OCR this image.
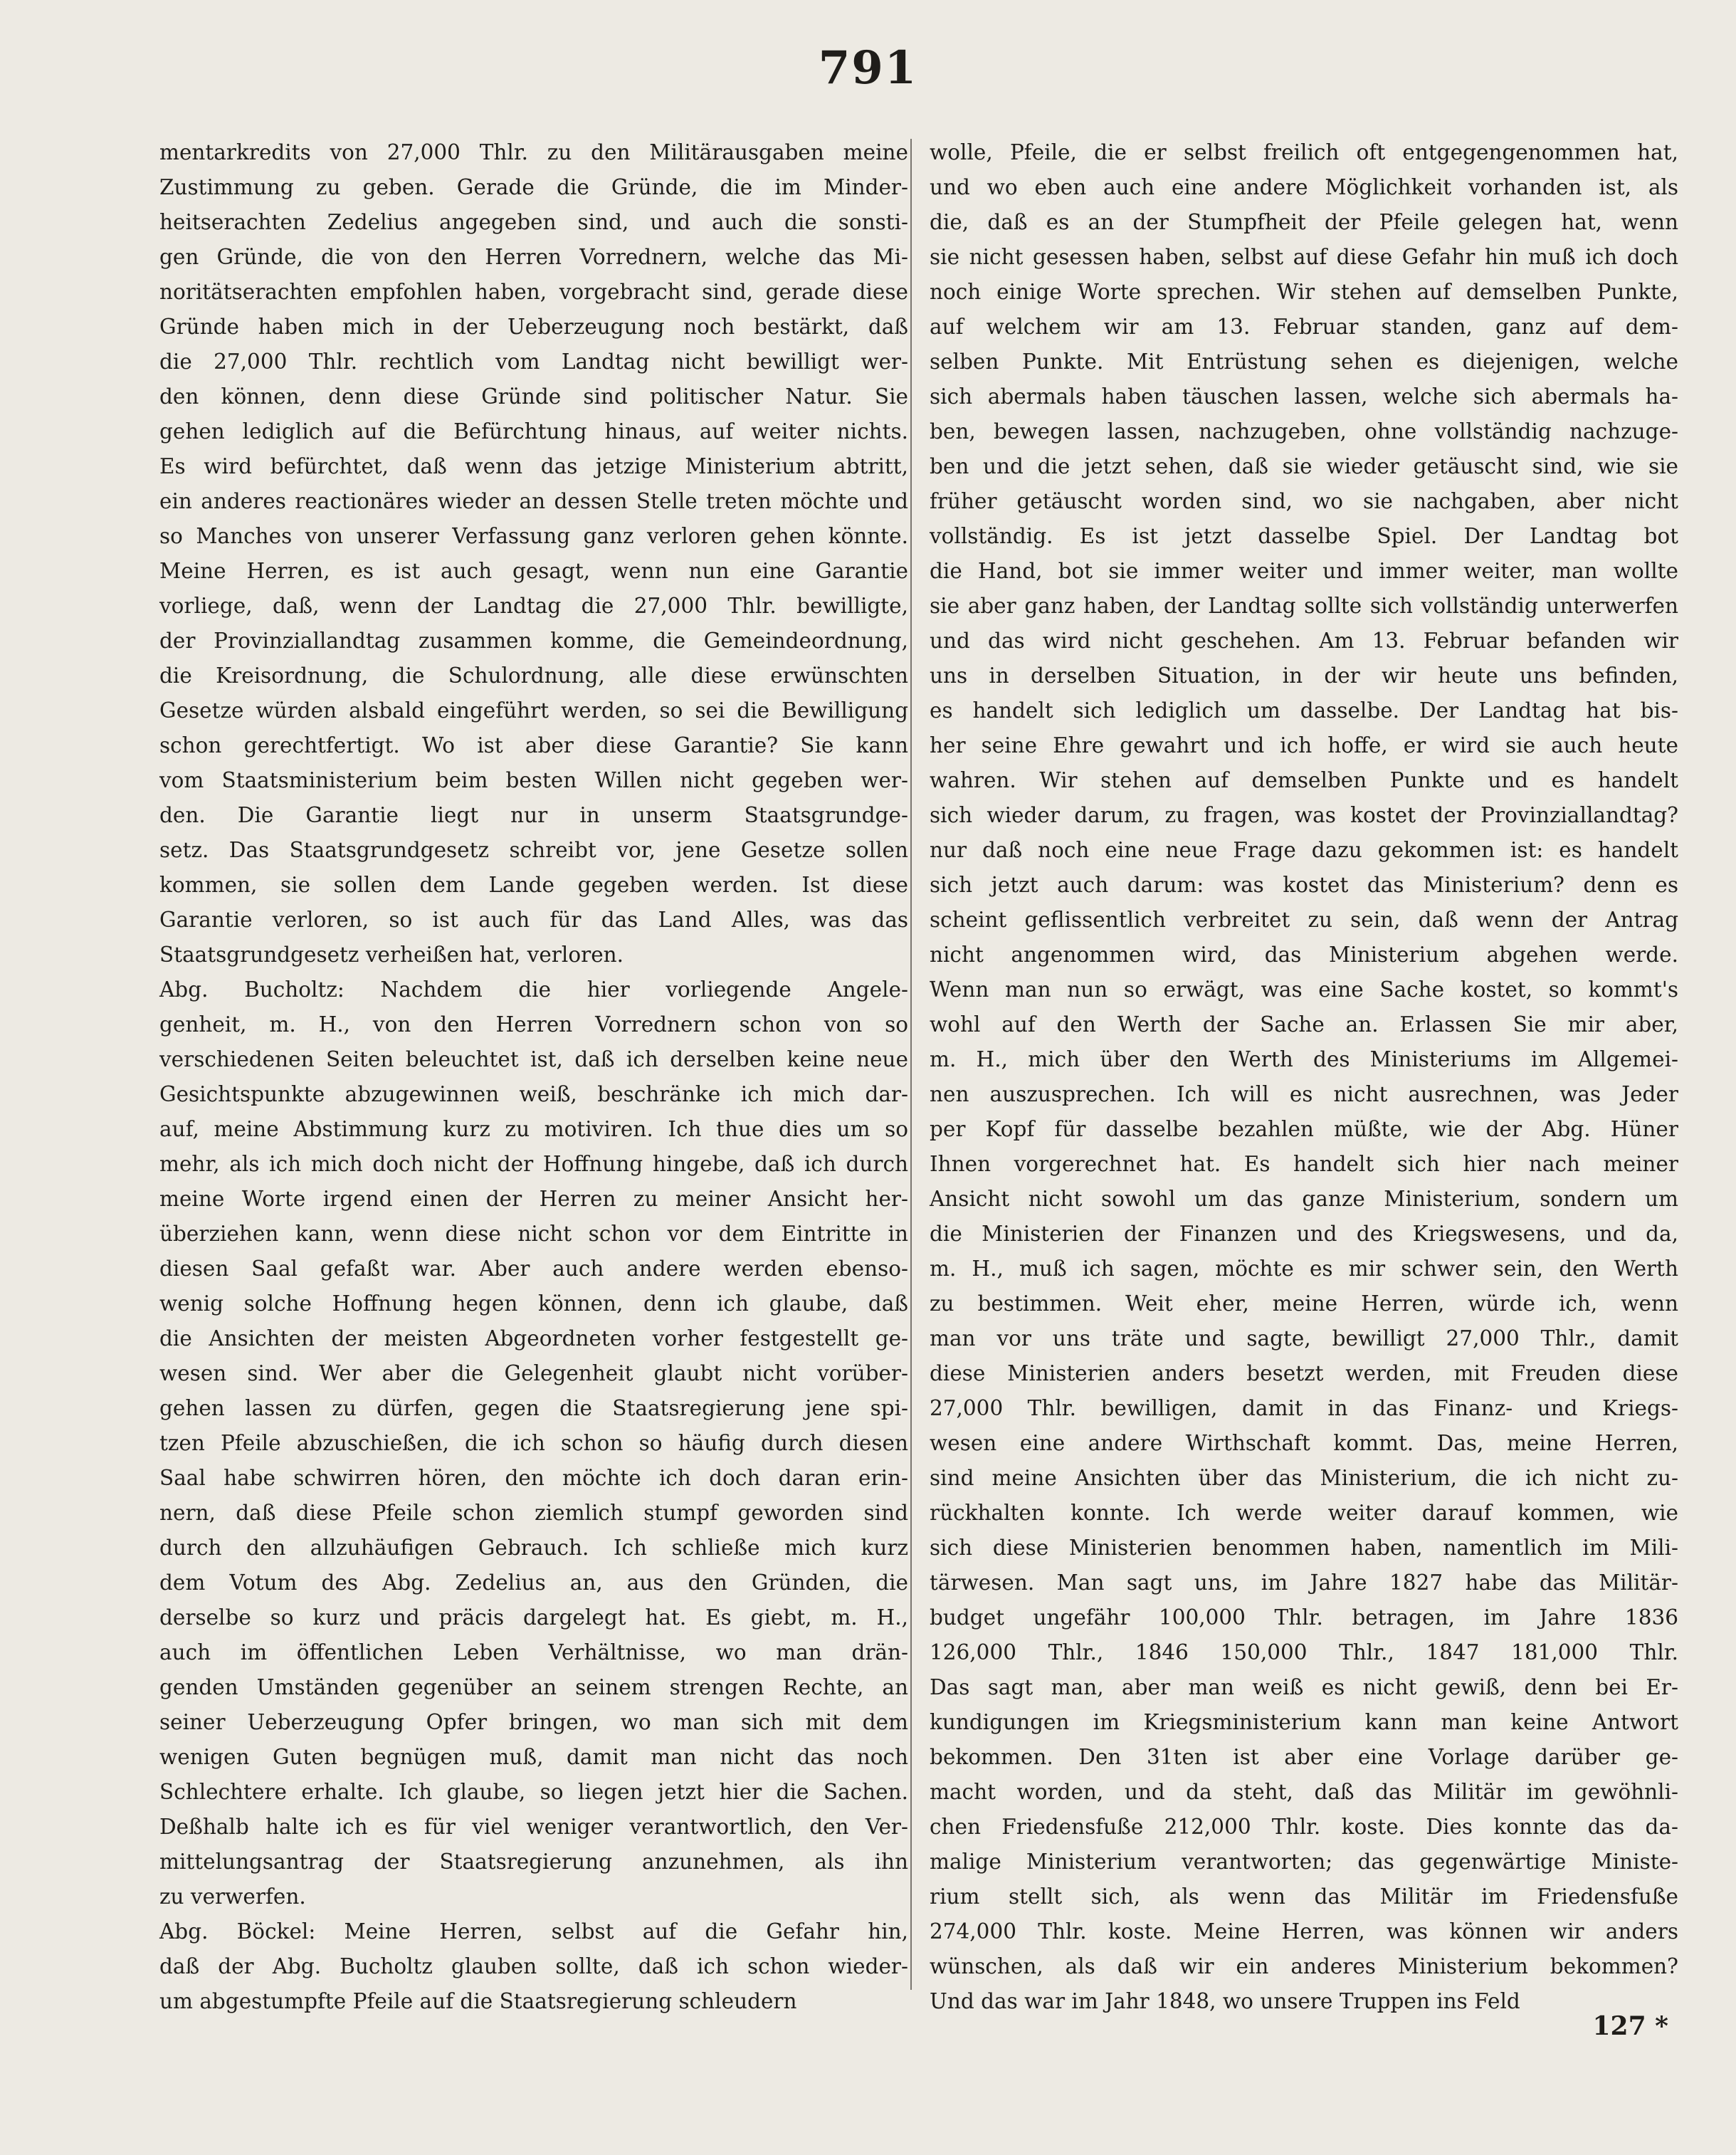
791
mentarkredits von 27,000 Thlr. zu den Militärausgaben meine
Zustimmung zu geben. Gerade die Gründe, die im Minder-
heitserachten Zedelius angegeben sind, und auch die sonsti-
gen Gründe, die von den Herren Vorrednern, welche das Mi-
noritätserachten empfohlen haben, vorgebracht sind, gerade diese
Gründe haben mich in der Ueberzeugung noch bestärkt, daß
die 27,000 Thlr. rechtlich vom Landtag nicht bewilligt wer-
den können, denn diese Gründe sind politischer Natur. Sie
gehen lediglich auf die Befürchtung hinaus, auf weiter nichts.
Es wird befürchtet, daß wenn das jetzige Ministerium abtritt,
ein anderes reactionäres wieder an dessen Stelle treten möchte und
so Manches von unserer Verfassung ganz verloren gehen könnte.
Meine Herren, es ist auch gesagt, wenn nun eine Garantie
vorliege, daß, wenn der Landtag die 27,000 Thlr. bewilligte,
der Provinziallandtag zusammen komme, die Gemeindeordnung,
die Kreisordnung, die Schulordnung, alle diese erwünschten
Gesetze würden alsbald eingeführt werden, so sei die Bewilligung
schon gerechtfertigt. Wo ist aber diese Garantie? Sie kann
vom Staatsministerium beim besten Willen nicht gegeben wer-
den. Die Garantie liegt nur in unserm Staatsgrundge-
setz. Das Staatsgrundgesetz schreibt vor, jene Gesetze sollen
kommen, sie sollen dem Lande gegeben werden. Ist diese
Garantie verloren, so ist auch für das Land Alles, was das
Staatsgrundgesetz verheißen hat, verloren.
Abg. Bucholtz: Nachdem die hier vorliegende Angele-
genheit, m. H., von den Herren Vorrednern schon von so
verschiedenen Seiten beleuchtet ist, daß ich derselben keine neue
Gesichtspunkte abzugewinnen weiß, beschränke ich mich dar-
auf, meine Abstimmung kurz zu motiviren. Ich thue dies um so
mehr, als ich mich doch nicht der Hoffnung hingebe, daß ich durch
meine Worte irgend einen der Herren zu meiner Ansicht her-
überziehen kann, wenn diese nicht schon vor dem Eintritte in
diesen Saal gefaßt war. Aber auch andere werden ebenso-
wenig solche Hoffnung hegen können, denn ich glaube, daß
die Ansichten der meisten Abgeordneten vorher festgestellt ge-
wesen sind. Wer aber die Gelegenheit glaubt nicht vorüber-
gehen lassen zu dürfen, gegen die Staatsregierung jene spi-
tzen Pfeile abzuschießen, die ich schon so häufig durch diesen
Saal habe schwirren hören, den möchte ich doch daran erin-
nern, daß diese Pfeile schon ziemlich stumpf geworden sind
durch den allzuhäufigen Gebrauch. Ich schließe mich kurz
dem Votum des Abg. Zedelius an, aus den Gründen, die
derselbe so kurz und präcis dargelegt hat. Es giebt, m. H.,
auch im öffentlichen Leben Verhältnisse, wo man drän-
genden Umständen gegenüber an seinem strengen Rechte, an
seiner Ueberzeugung Opfer bringen, wo man sich mit dem
wenigen Guten begnügen muß, damit man nicht das noch
Schlechtere erhalte. Ich glaube, so liegen jetzt hier die Sachen.
Deßhalb halte ich es für viel weniger verantwortlich, den Ver-
mittelungsantrag der Staatsregierung anzunehmen, als ihn
zu verwerfen.
Abg. Böckel: Meine Herren, selbst auf die Gefahr hin,
daß der Abg. Bucholtz glauben sollte, daß ich schon wieder-
um abgestumpfte Pfeile auf die Staatsregierung schleudern
wolle, Pfeile, die er selbst freilich oft entgegengenommen hat,
und wo eben auch eine andere Möglichkeit vorhanden ist, als
die, daß es an der Stumpfheit der Pfeile gelegen hat, wenn
sie nicht gesessen haben, selbst auf diese Gefahr hin muß ich doch
noch einige Worte sprechen. Wir stehen auf demselben Punkte,
auf welchem wir am 13. Februar standen, ganz auf dem-
selben Punkte. Mit Entrüstung sehen es diejenigen, welche
sich abermals haben täuschen lassen, welche sich abermals ha-
ben, bewegen lassen, nachzugeben, ohne vollständig nachzuge-
ben und die jetzt sehen, daß sie wieder getäuscht sind, wie sie
früher getäuscht worden sind, wo sie nachgaben, aber nicht
vollständig. Es ist jetzt dasselbe Spiel. Der Landtag bot
die Hand, bot sie immer weiter und immer weiter, man wollte
sie aber ganz haben, der Landtag sollte sich vollständig unterwerfen
und das wird nicht geschehen. Am 13. Februar befanden wir
uns in derselben Situation, in der wir heute uns befinden,
es handelt sich lediglich um dasselbe. Der Landtag hat bis-
her seine Ehre gewahrt und ich hoffe, er wird sie auch heute
wahren. Wir stehen auf demselben Punkte und es handelt
sich wieder darum, zu fragen, was kostet der Provinziallandtag?
nur daß noch eine neue Frage dazu gekommen ist: es handelt
sich jetzt auch darum: was kostet das Ministerium? denn es
scheint geflissentlich verbreitet zu sein, daß wenn der Antrag
nicht angenommen wird, das Ministerium abgehen werde.
Wenn man nun so erwägt, was eine Sache kostet, so kommt's
wohl auf den Werth der Sache an. Erlassen Sie mir aber,
m. H., mich über den Werth des Ministeriums im Allgemei-
nen auszusprechen. Ich will es nicht ausrechnen, was Jeder
per Kopf für dasselbe bezahlen müßte, wie der Abg. Hüner
Ihnen vorgerechnet hat. Es handelt sich hier nach meiner
Ansicht nicht sowohl um das ganze Ministerium, sondern um
die Ministerien der Finanzen und des Kriegswesens, und da,
m. H., muß ich sagen, möchte es mir schwer sein, den Werth
zu bestimmen. Weit eher, meine Herren, würde ich, wenn
man vor uns träte und sagte, bewilligt 27,000 Thlr., damit
diese Ministerien anders besetzt werden, mit Freuden diese
27,000 Thlr. bewilligen, damit in das Finanz- und Kriegs-
wesen eine andere Wirthschaft kommt. Das, meine Herren,
sind meine Ansichten über das Ministerium, die ich nicht zu-
rückhalten konnte. Ich werde weiter darauf kommen, wie
sich diese Ministerien benommen haben, namentlich im Mili-
tärwesen. Man sagt uns, im Jahre 1827 habe das Militär-
budget ungefähr 100,000 Thlr. betragen, im Jahre 1836
126,000 Thlr., 1846 150,000 Thlr., 1847 181,000 Thlr.
Das sagt man, aber man weiß es nicht gewiß, denn bei Er-
kundigungen im Kriegsministerium kann man keine Antwort
bekommen. Den 31ten ist aber eine Vorlage darüber ge-
macht worden, und da steht, daß das Militär im gewöhnli-
chen Friedensfuße 212,000 Thlr. koste. Dies konnte das da-
malige Ministerium verantworten; das gegenwärtige Ministe-
rium stellt sich, als wenn das Militär im Friedensfuße
274,000 Thlr. koste. Meine Herren, was können wir anders
wünschen, als daß wir ein anderes Ministerium bekommen?
Und das war im Jahr 1848, wo unsere Truppen ins Feld
127 *
